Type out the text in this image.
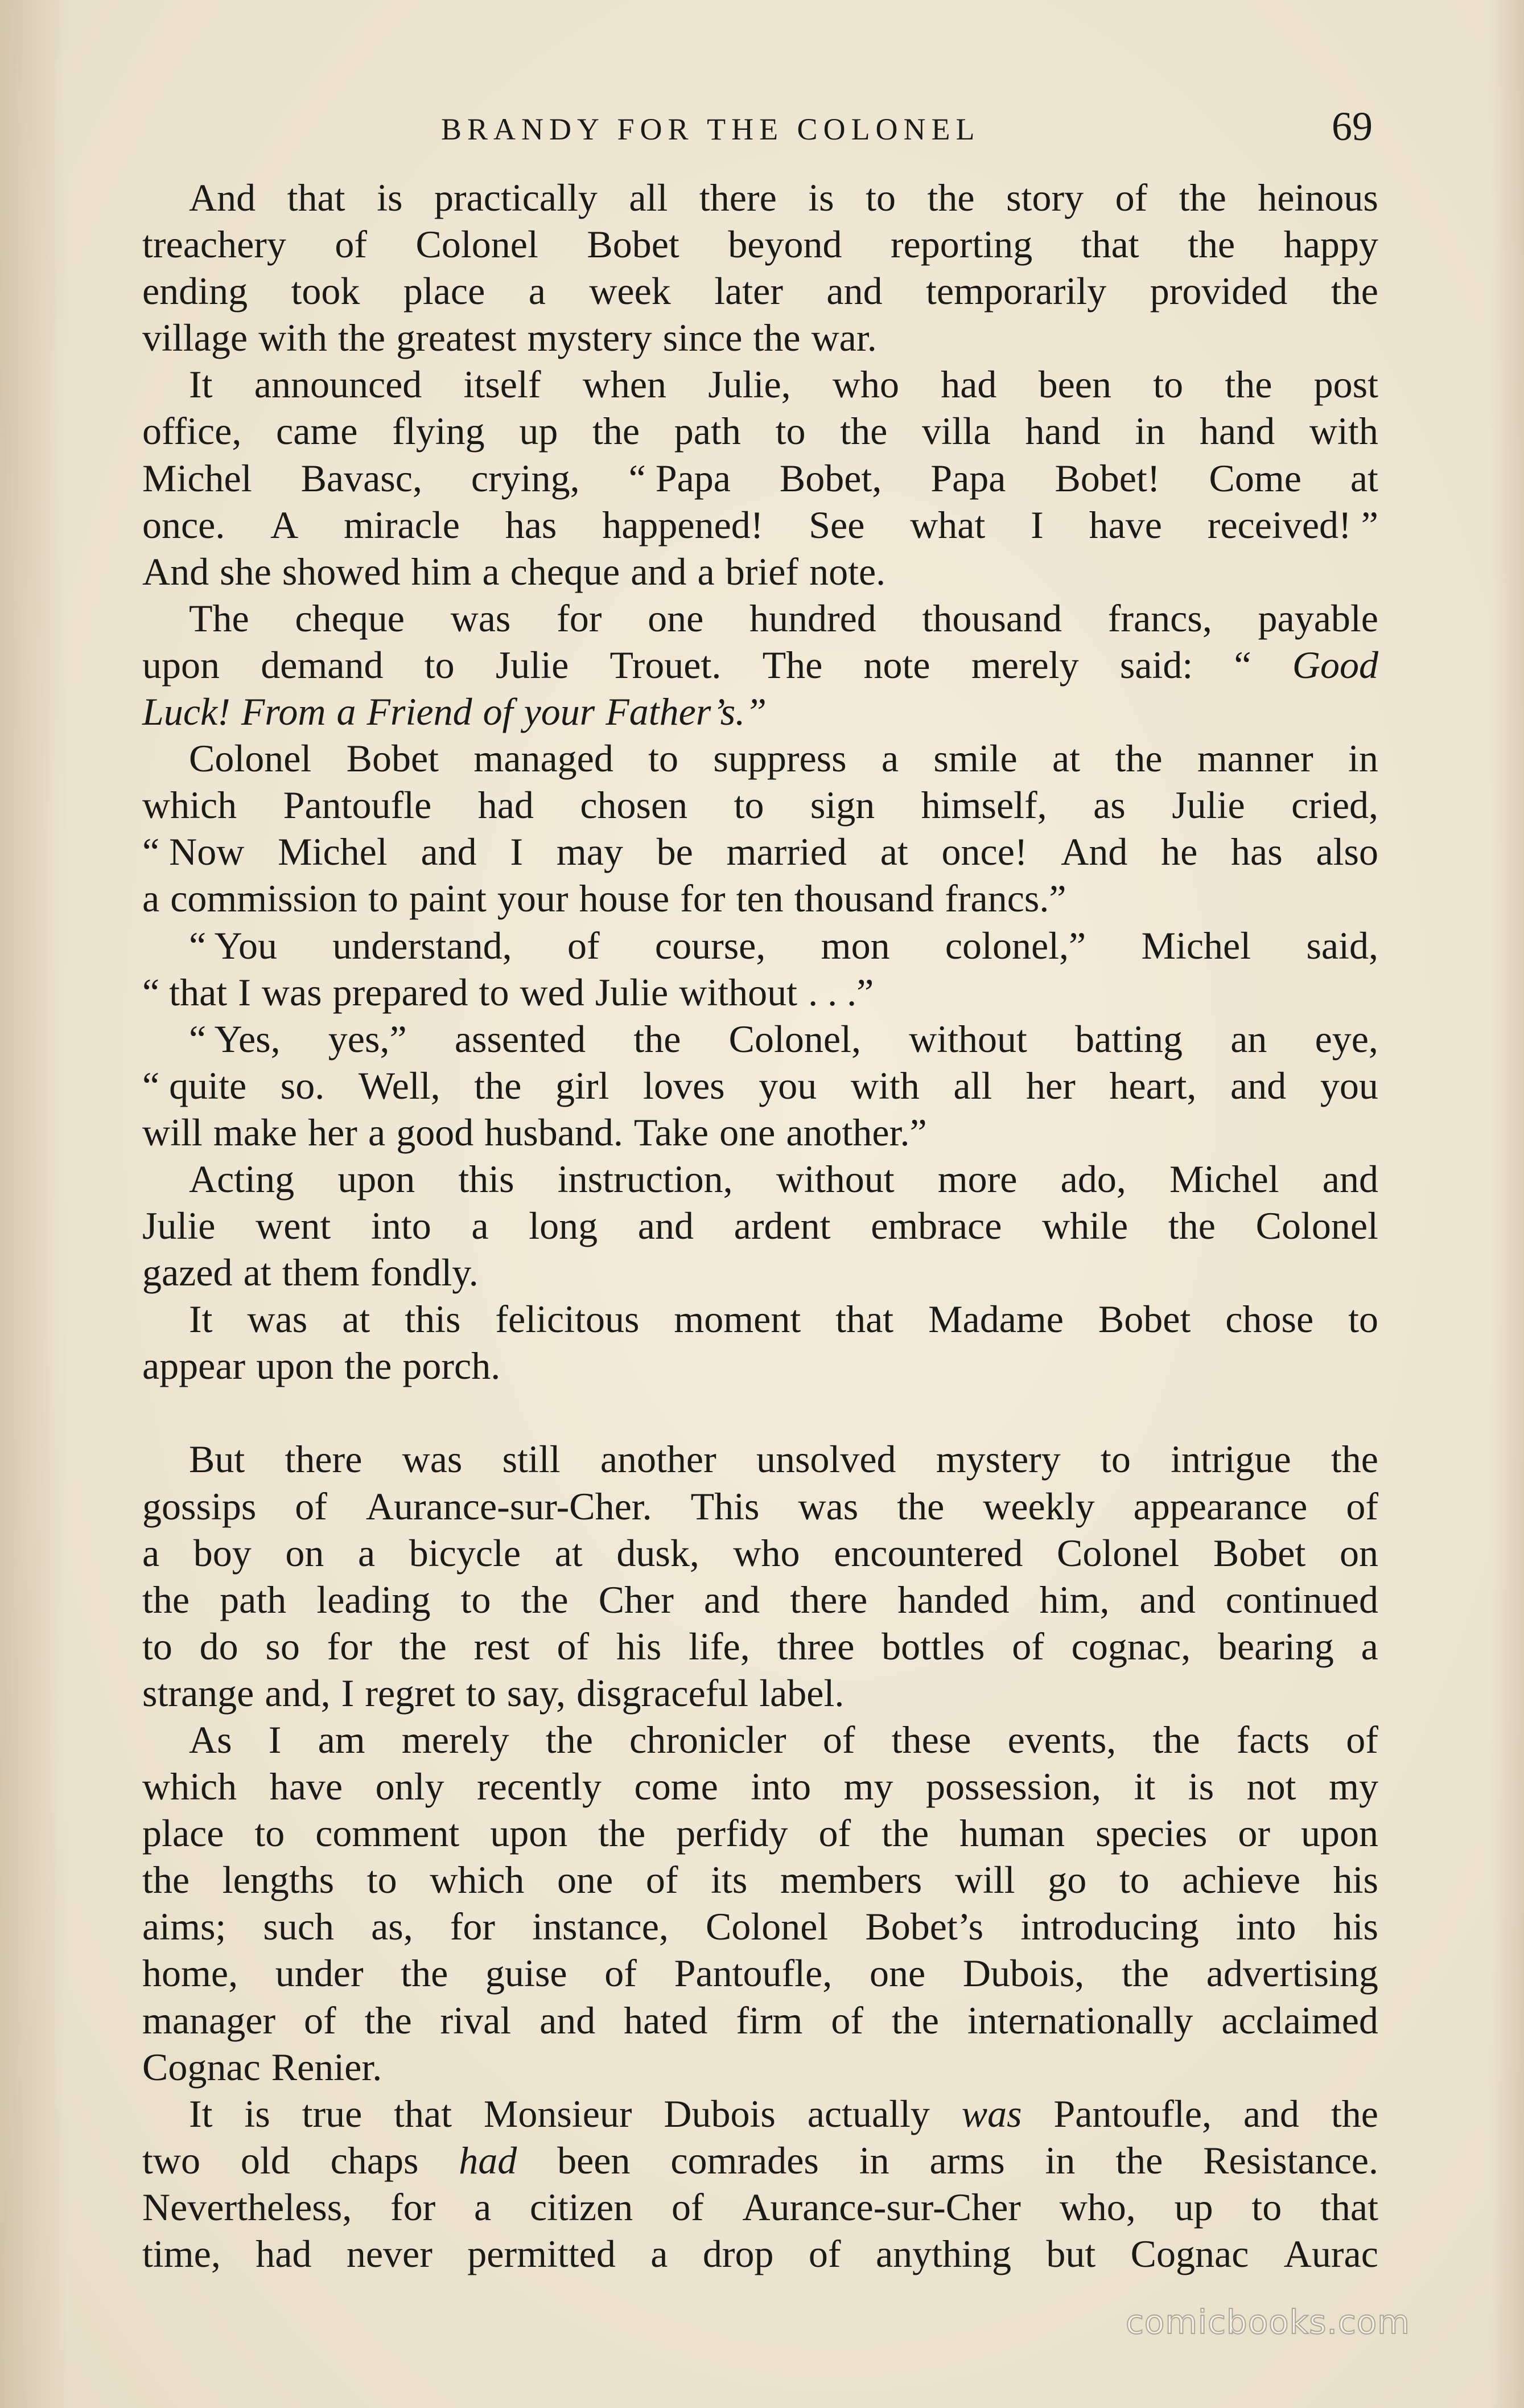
BRANDY FOR THE COLONEL	69
And that is practically all there is to the story of the heinous
treachery of Colonel Bobet beyond reporting that the happy
ending took place a week later and temporarily provided the
village with the greatest mystery since the war.
It announced itself when Julie, who had been to the post
office, came flying up the path to the villa hand in hand with
Michel Bavasc, crying, “ Papa Bobet, Papa Bobet! Come at
once. A miracle has happened! See what I have received! ”
And she showed him a cheque and a brief note.
The cheque was for one hundred thousand francs, payable
upon demand to Julie Trouet. The note merely said: “ Good
Luck! From a Friend of your Father’s.”
Colonel Bobet managed to suppress a smile at the manner in
which Pantoufle had chosen to sign himself, as Julie cried,
“ Now Michel and I may be married at once! And he has also
a commission to paint your house for ten thousand francs.”
“ You understand, of course, mon colonel,” Michel said,
“ that I was prepared to wed Julie without . . .”
“ Yes, yes,” assented the Colonel, without batting an eye,
“ quite so. Well, the girl loves you with all her heart, and you
will make her a good husband. Take one another.”
Acting upon this instruction, without more ado, Michel and
Julie went into a long and ardent embrace while the Colonel
gazed at them fondly.
It was at this felicitous moment that Madame Bobet chose to
appear upon the porch.
But there was still another unsolved mystery to intrigue the
gossips of Aurance-sur-Cher. This was the weekly appearance of
a boy on a bicycle at dusk, who encountered Colonel Bobet on
the path leading to the Cher and there handed him, and continued
to do so for the rest of his life, three bottles of cognac, bearing a
strange and, I regret to say, disgraceful label.
As I am merely the chronicler of these events, the facts of
which have only recently come into my possession, it is not my
place to comment upon the perfidy of the human species or upon
the lengths to which one of its members will go to achieve his
aims; such as, for instance, Colonel Bobet’s introducing into his
home, under the guise of Pantoufle, one Dubois, the advertising
manager of the rival and hated firm of the internationally acclaimed
Cognac Renier.
It is true that Monsieur Dubois actually was Pantoufle, and the
two old chaps had been comrades in arms in the Resistance.
Nevertheless, for a citizen of Aurance-sur-Cher who, up to that
time, had never permitted a drop of anything but Cognac Aurac
comicbooks.com
